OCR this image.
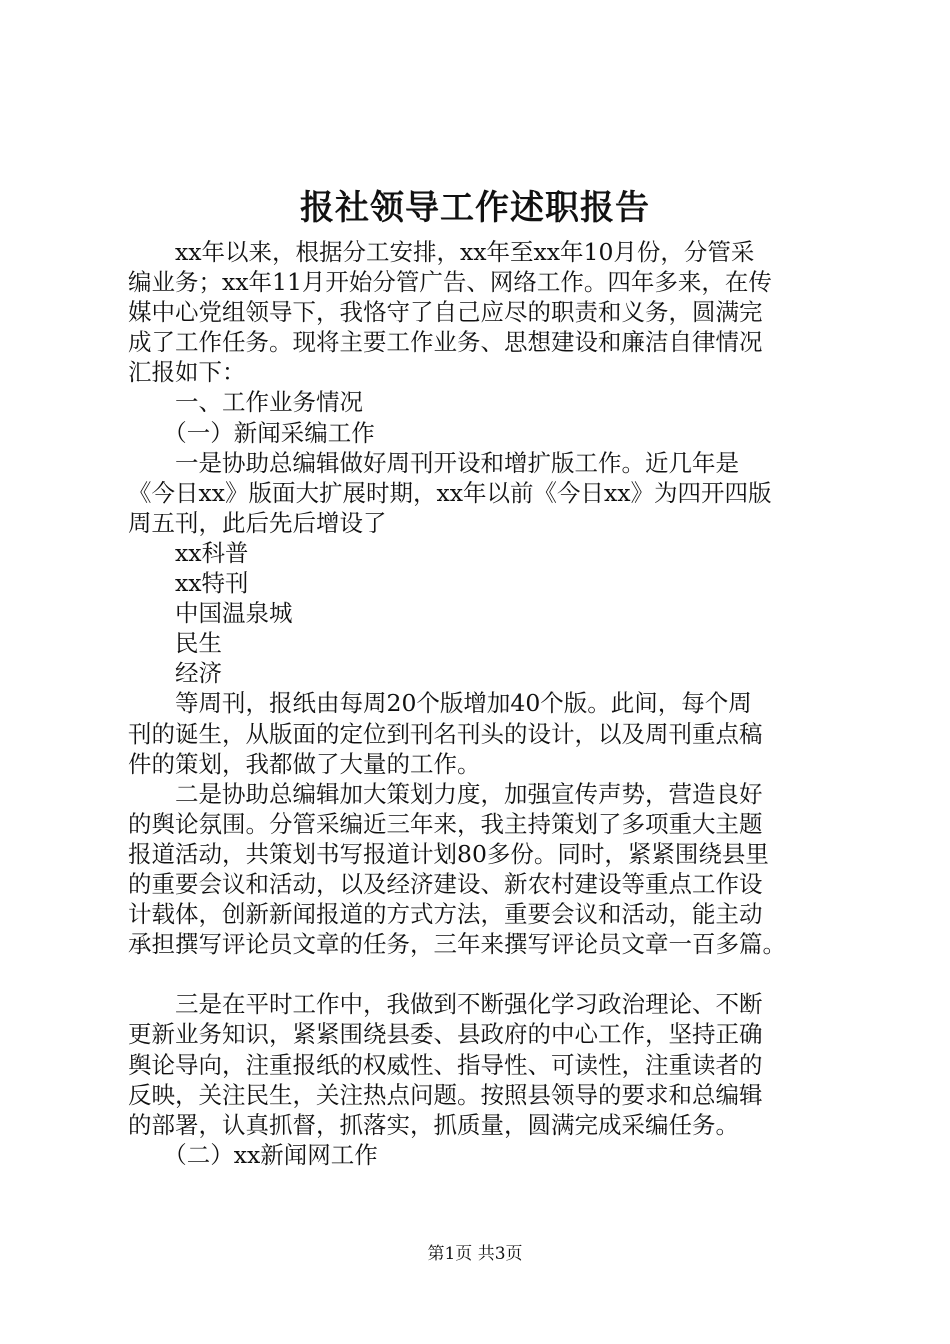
报社领导工作述职报告
　　xx年以来，根据分工安排，xx年至xx年10月份，分管采
编业务；xx年11月开始分管广告、网络工作。四年多来，在传
媒中心党组领导下，我恪守了自己应尽的职责和义务，圆满完
成了工作任务。现将主要工作业务、思想建设和廉洁自律情况
汇报如下：
　　一、工作业务情况
　　（一）新闻采编工作
　　一是协助总编辑做好周刊开设和增扩版工作。近几年是
《今日xx》版面大扩展时期，xx年以前《今日xx》为四开四版
周五刊，此后先后增设了
　　xx科普
　　xx特刊
　　中国温泉城
　　民生
　　经济
　　等周刊，报纸由每周20个版增加40个版。此间，每个周
刊的诞生，从版面的定位到刊名刊头的设计，以及周刊重点稿
件的策划，我都做了大量的工作。
　　二是协助总编辑加大策划力度，加强宣传声势，营造良好
的舆论氛围。分管采编近三年来，我主持策划了多项重大主题
报道活动，共策划书写报道计划80多份。同时，紧紧围绕县里
的重要会议和活动，以及经济建设、新农村建设等重点工作设
计载体，创新新闻报道的方式方法，重要会议和活动，能主动
承担撰写评论员文章的任务，三年来撰写评论员文章一百多篇。
　　三是在平时工作中，我做到不断强化学习政治理论、不断
更新业务知识，紧紧围绕县委、县政府的中心工作，坚持正确
舆论导向，注重报纸的权威性、指导性、可读性，注重读者的
反映，关注民生，关注热点问题。按照县领导的要求和总编辑
的部署，认真抓督，抓落实，抓质量，圆满完成采编任务。
　　（二）xx新闻网工作
第1页 共3页
